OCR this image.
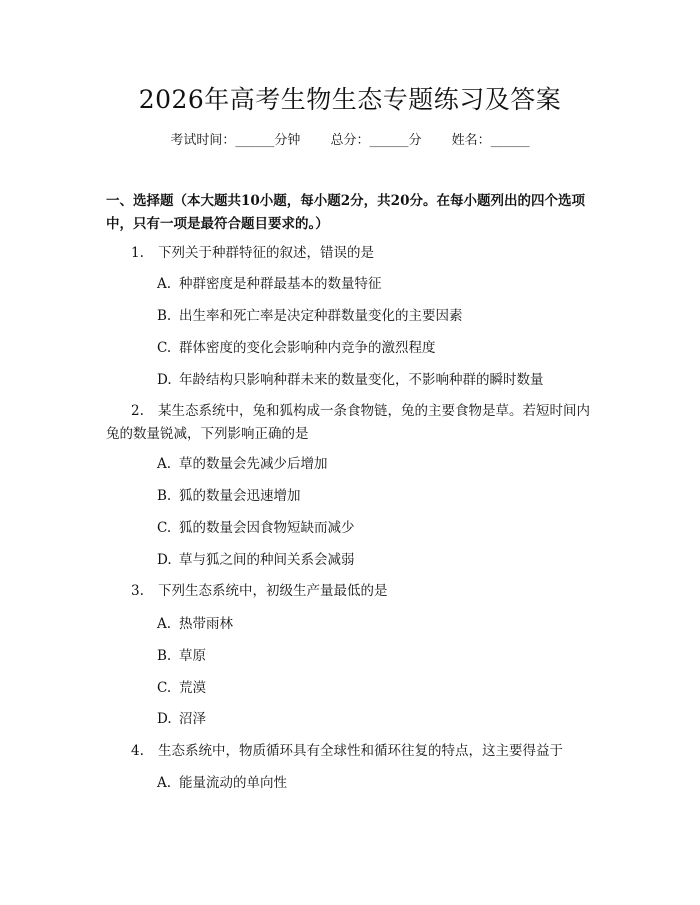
2026年高考生物生态专题练习及答案
考试时间：______分钟 总分：______分 姓名：______
一、选择题（本大题共10小题，每小题2分，共20分。在每小题列出的四个选项中，只有一项是最符合题目要求的。）
1. 下列关于种群特征的叙述，错误的是
A. 种群密度是种群最基本的数量特征
B. 出生率和死亡率是决定种群数量变化的主要因素
C. 群体密度的变化会影响种内竞争的激烈程度
D. 年龄结构只影响种群未来的数量变化，不影响种群的瞬时数量
2. 某生态系统中，兔和狐构成一条食物链，兔的主要食物是草。若短时间内兔的数量锐减，下列影响正确的是
A. 草的数量会先减少后增加
B. 狐的数量会迅速增加
C. 狐的数量会因食物短缺而减少
D. 草与狐之间的种间关系会减弱
3. 下列生态系统中，初级生产量最低的是
A. 热带雨林
B. 草原
C. 荒漠
D. 沼泽
4. 生态系统中，物质循环具有全球性和循环往复的特点，这主要得益于
A. 能量流动的单向性
